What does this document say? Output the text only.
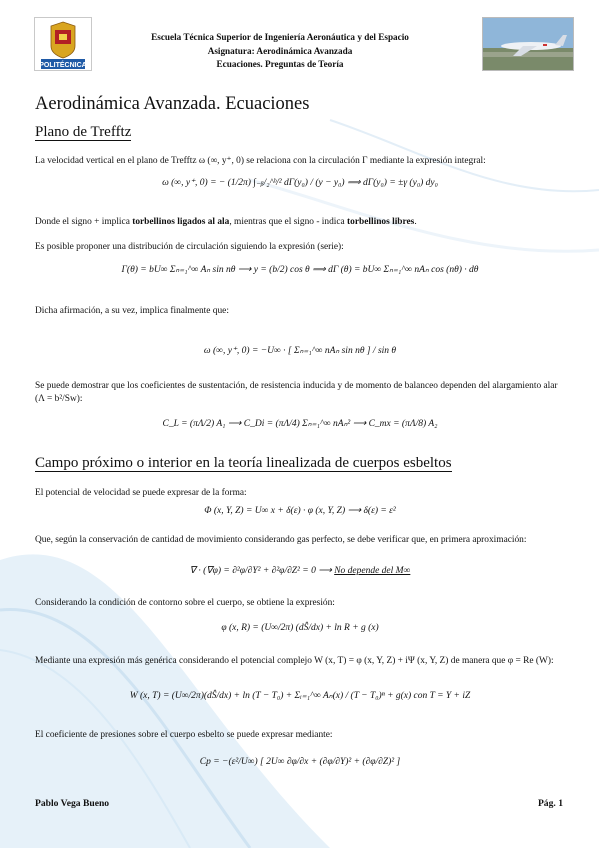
POLITÉCNICA
Escuela Técnica Superior de Ingeniería Aeronáutica y del Espacio
Asignatura: Aerodinámica Avanzada
Ecuaciones. Preguntas de Teoría
Aerodinámica Avanzada. Ecuaciones
Plano de Trefftz
La velocidad vertical en el plano de Trefftz ω (∞, y⁺, 0) se relaciona con la circulación Γ mediante la expresión integral:
ω (∞, y⁺, 0) = − (1/2π) ∫₋ᵦ/₂^ᵇ/² dΓ(y₀) / (y − y₀) ⟹ dΓ(y₀) = ±γ (y₀) dy₀
Donde el signo + implica torbellinos ligados al ala, mientras que el signo - indica torbellinos libres.
Es posible proponer una distribución de circulación siguiendo la expresión (serie):
Γ(θ) = bU∞ Σₙ₌₁^∞ Aₙ sin nθ ⟶ y = (b/2) cos θ ⟹ dΓ (θ) = bU∞ Σₙ₌₁^∞ nAₙ cos (nθ) · dθ
Dicha afirmación, a su vez, implica finalmente que:
ω (∞, y⁺, 0) = −U∞ · [ Σₙ₌₁^∞ nAₙ sin nθ ] / sin θ
Se puede demostrar que los coeficientes de sustentación, de resistencia inducida y de momento de balanceo dependen del alargamiento alar (Λ = b²/Sw):
C_L = (πΛ/2) A₁ ⟶ C_Di = (πΛ/4) Σₙ₌₁^∞ nAₙ² ⟶ C_mx = (πΛ/8) A₂
Campo próximo o interior en la teoría linealizada de cuerpos esbeltos
El potencial de velocidad se puede expresar de la forma:
Φ (x, Y, Z) = U∞ x + δ(ε) · φ (x, Y, Z) ⟶ δ(ε) = ε²
Que, según la conservación de cantidad de movimiento considerando gas perfecto, se debe verificar que, en primera aproximación:
∇ · (∇φ) = ∂²φ/∂Y² + ∂²φ/∂Z² = 0 ⟶ No depende del M∞
Considerando la condición de contorno sobre el cuerpo, se obtiene la expresión:
φ (x, R) = (U∞/2π) (dŜ/dx) + ln R + g (x)
Mediante una expresión más genérica considerando el potencial complejo W (x, T) = φ (x, Y, Z) + iΨ (x, Y, Z) de manera que φ = Re (W):
W (x, T) = (U∞/2π)(dŜ/dx) + ln (T − T₀) + Σᵢ₌₁^∞ Aₙ(x) / (T − T₀)ⁿ + g(x) con T = Y + iZ
El coeficiente de presiones sobre el cuerpo esbelto se puede expresar mediante:
Cp = −(ε²/U∞) [ 2U∞ ∂φ/∂x + (∂φ/∂Y)² + (∂φ/∂Z)² ]
Pablo Vega Bueno	Pág. 1
